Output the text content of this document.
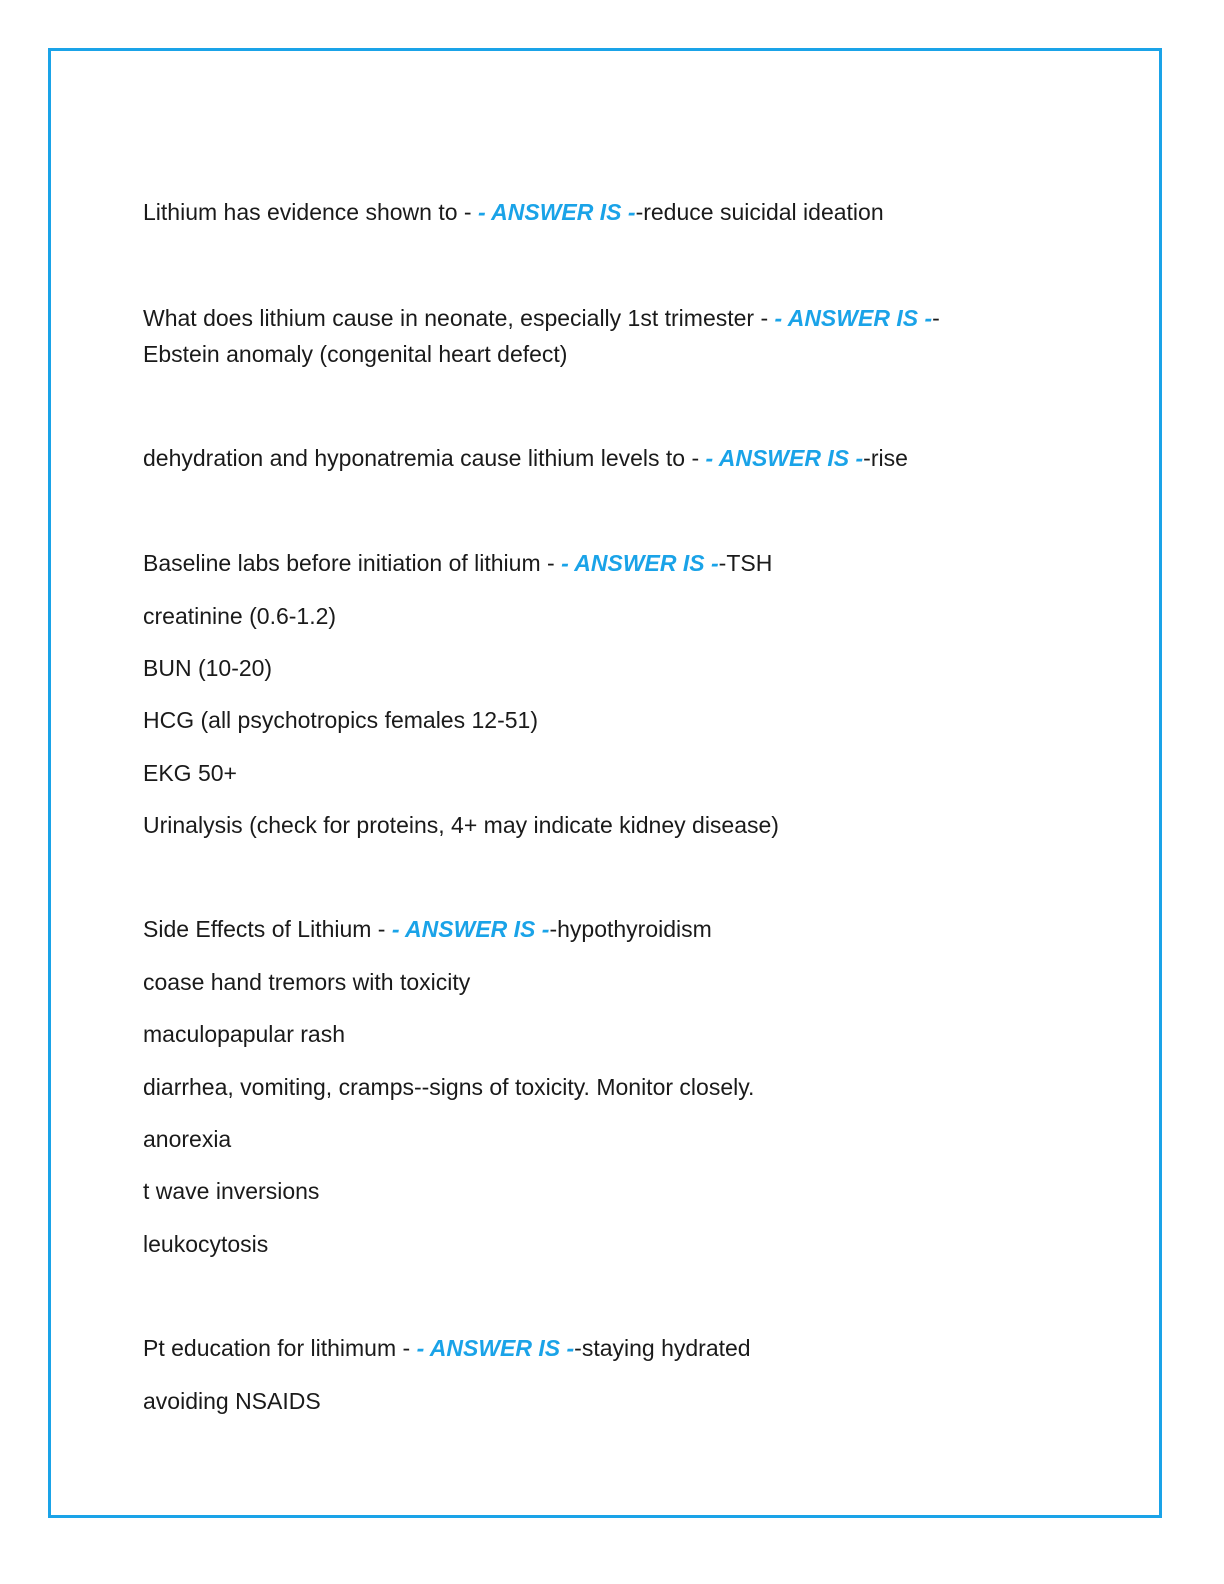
Lithium has evidence shown to - - ANSWER IS --reduce suicidal ideation
What does lithium cause in neonate, especially 1st trimester - - ANSWER IS --
Ebstein anomaly (congenital heart defect)
dehydration and hyponatremia cause lithium levels to - - ANSWER IS --rise
Baseline labs before initiation of lithium - - ANSWER IS --TSH
creatinine (0.6-1.2)
BUN (10-20)
HCG (all psychotropics females 12-51)
EKG 50+
Urinalysis (check for proteins, 4+ may indicate kidney disease)
Side Effects of Lithium - - ANSWER IS --hypothyroidism
coase hand tremors with toxicity
maculopapular rash
diarrhea, vomiting, cramps--signs of toxicity. Monitor closely.
anorexia
t wave inversions
leukocytosis
Pt education for lithimum - - ANSWER IS --staying hydrated
avoiding NSAIDS
